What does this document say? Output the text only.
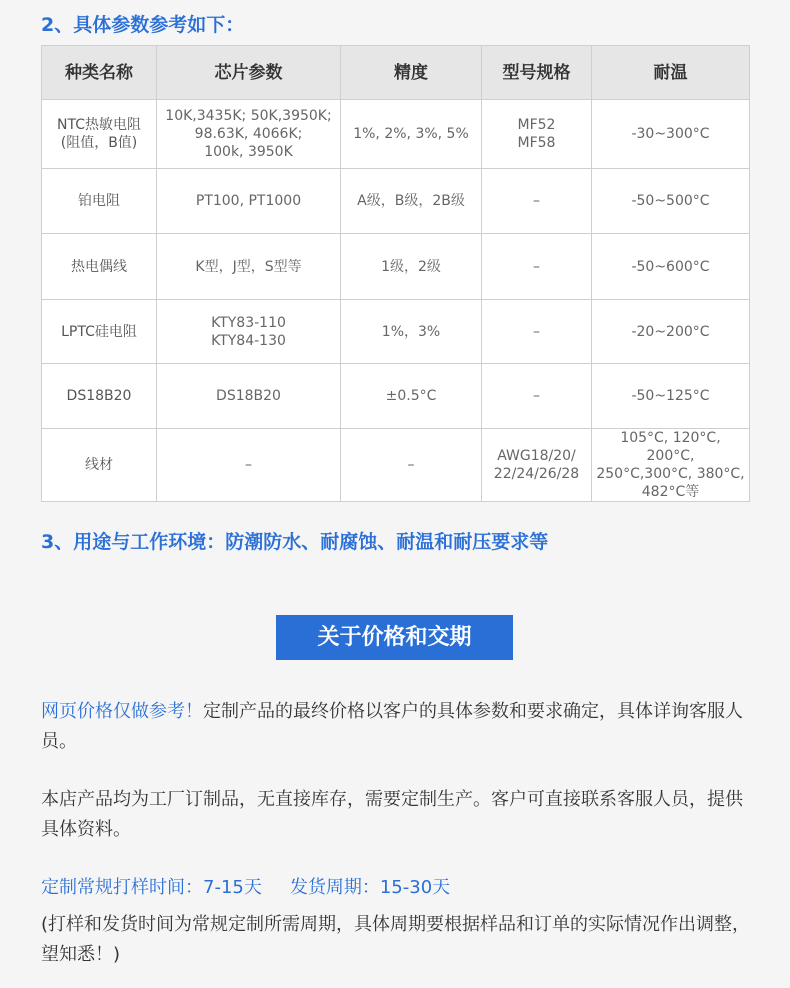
2、具体参数参考如下：
种类名称	芯片参数	精度	型号规格	耐温

NTC热敏电阻
(阻值，B值)	10K,3435K; 50K,3950K;
98.63K, 4066K;
100k, 3950K	1%, 2%, 3%, 5%	MF52
MF58	-30~300°C

铂电阻	PT100, PT1000	A级，B级，2B级	–	-50~500°C

热电偶线	K型，J型，S型等	1级，2级	–	-50~600°C

LPTC硅电阻	KTY83-110
KTY84-130	1%，3%	–	-20~200°C

DS18B20	DS18B20	±0.5°C	–	-50~125°C

线材	–	–	AWG18/20/
22/24/26/28	105°C, 120°C, 200°C,
250°C,300°C, 380°C,
482°C等
3、用途与工作环境：防潮防水、耐腐蚀、耐温和耐压要求等
关于价格和交期
网页价格仅做参考！定制产品的最终价格以客户的具体参数和要求确定，具体详询客服人员。
本店产品均为工厂订制品，无直接库存，需要定制生产。客户可直接联系客服人员，提供具体资料。
定制常规打样时间：7-15天 发货周期：15-30天
(打样和发货时间为常规定制所需周期，具体周期要根据样品和订单的实际情况作出调整，望知悉！)
